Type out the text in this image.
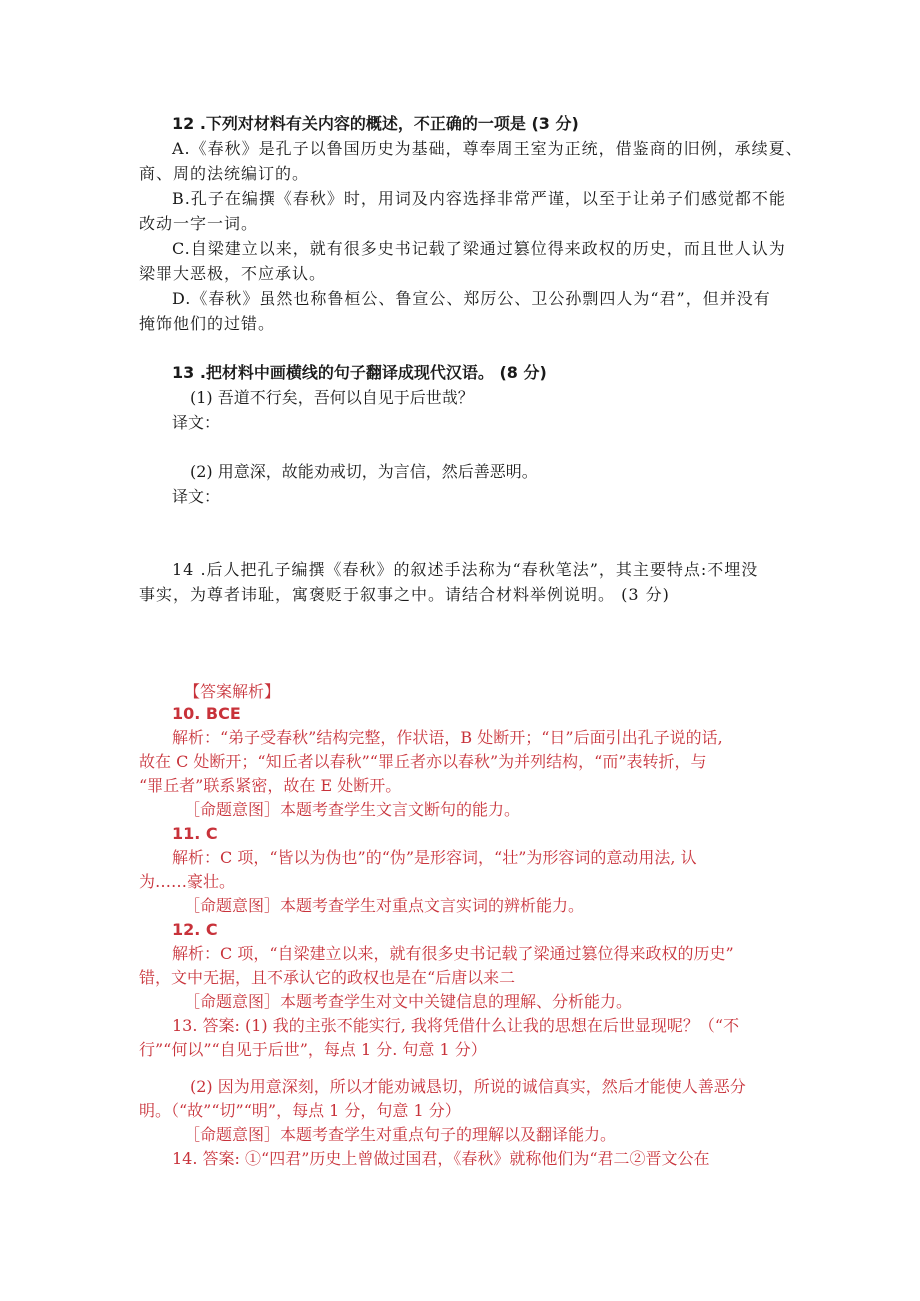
12 .下列对材料有关内容的概述，不正确的一项是 (3 分)
A.《春秋》是孔子以鲁国历史为基础，尊奉周王室为正统，借鉴商的旧例，承续夏、
商、周的法统编订的。
B.孔子在编撰《春秋》时，用词及内容选择非常严谨，以至于让弟子们感觉都不能
改动一字一词。
C.自梁建立以来，就有很多史书记载了梁通过篡位得来政权的历史，而且世人认为
梁罪大恶极，不应承认。
D.《春秋》虽然也称鲁桓公、鲁宣公、郑厉公、卫公孙剽四人为“君”，但并没有
掩饰他们的过错。
13 .把材料中画横线的句子翻译成现代汉语。 (8 分)
(1) 吾道不行矣，吾何以自见于后世哉？
译文：
(2) 用意深，故能劝戒切，为言信，然后善恶明。
译文：
14 .后人把孔子编撰《春秋》的叙述手法称为“春秋笔法”，其主要特点:不埋没
事实，为尊者讳耻，寓褒贬于叙事之中。请结合材料举例说明。 (3 分)
【答案解析】
10. BCE
解析：“弟子受春秋”结构完整，作状语，B 处断开；“日”后面引出孔子说的话,
故在 C 处断开；“知丘者以春秋”“罪丘者亦以春秋”为并列结构，“而”表转折，与
“罪丘者”联系紧密，故在 E 处断开。
［命题意图］本题考查学生文言文断句的能力。
11. C
解析：C 项，“皆以为伪也”的“伪”是形容词，“壮”为形容词的意动用法, 认
为……豪壮。
［命题意图］本题考查学生对重点文言实词的辨析能力。
12. C
解析：C 项，“自梁建立以来，就有很多史书记载了梁通过篡位得来政权的历史”
错，文中无据，且不承认它的政权也是在“后唐以来二
［命题意图］本题考查学生对文中关键信息的理解、分析能力。
13. 答案: (1) 我的主张不能实行, 我将凭借什么让我的思想在后世显现呢？（“不
行”“何以”“自见于后世”，每点 1 分. 句意 1 分）
(2) 因为用意深刻，所以才能劝诫恳切，所说的诚信真实，然后才能使人善恶分
明。（“故”“切”“明”，每点 1 分，句意 1 分）
［命题意图］本题考查学生对重点句子的理解以及翻译能力。
14. 答案: ①“四君”历史上曾做过国君，《春秋》就称他们为“君二②晋文公在
